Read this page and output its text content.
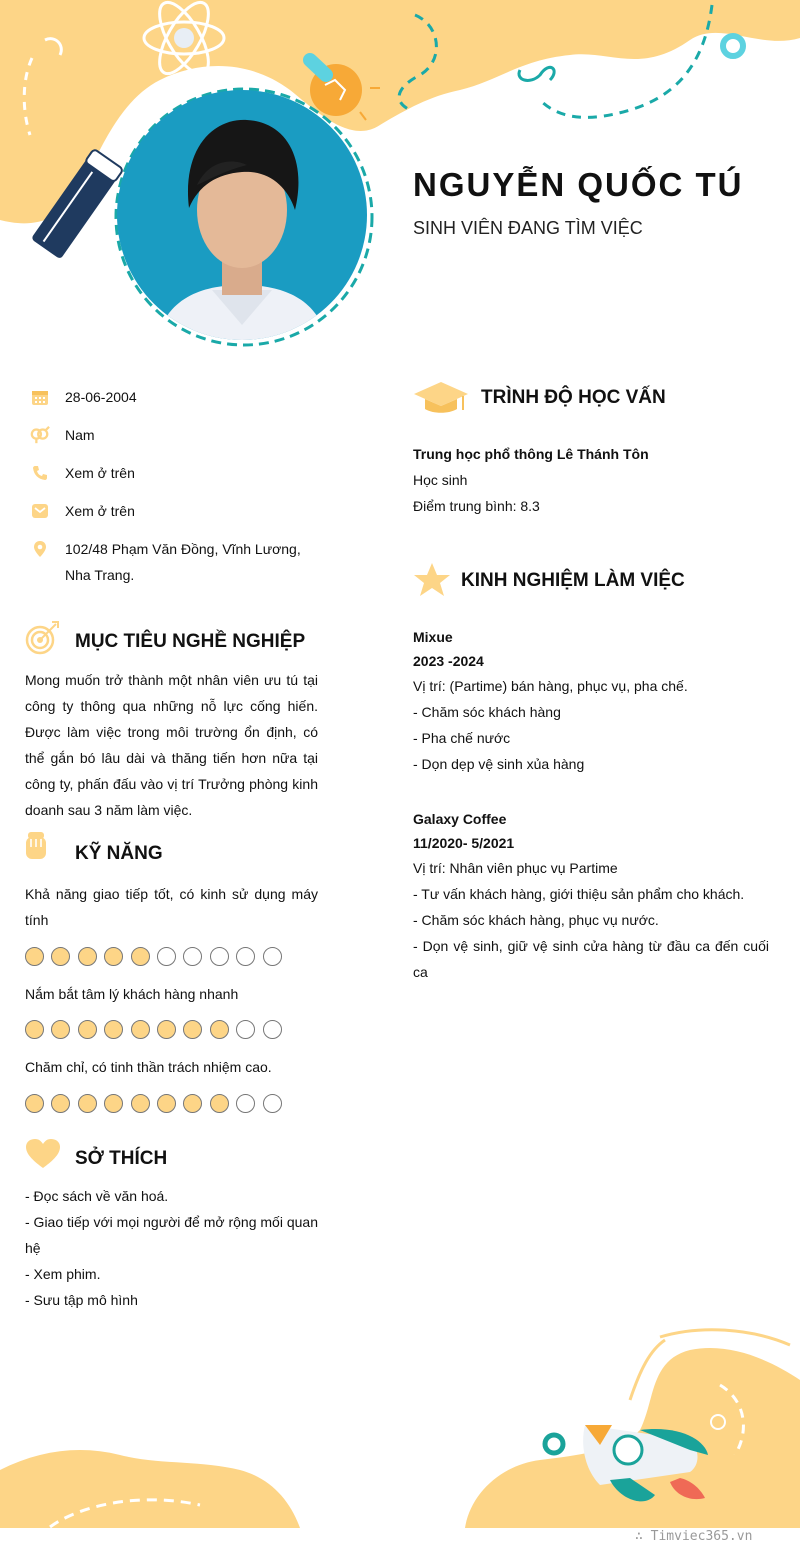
NGUYỄN QUỐC TÚ
SINH VIÊN ĐANG TÌM VIỆC
28-06-2004
Nam
Xem ở trên
Xem ở trên
102/48 Phạm Văn Đồng, Vĩnh Lương, Nha Trang.
MỤC TIÊU NGHỀ NGHIỆP
Mong muốn trở thành một nhân viên ưu tú tại công ty thông qua những nỗ lực cống hiến. Được làm việc trong môi trường ổn định, có thể gắn bó lâu dài và thăng tiến hơn nữa tại công ty, phấn đấu vào vị trí Trưởng phòng kinh doanh sau 3 năm làm việc.
KỸ NĂNG
Khả năng giao tiếp tốt, có kinh sử dụng máy tính
Nắm bắt tâm lý khách hàng nhanh
Chăm chỉ, có tinh thần trách nhiệm cao.
SỞ THÍCH
- Đọc sách về văn hoá.
- Giao tiếp với mọi người để mở rộng mối quan hệ
- Xem phim.
- Sưu tập mô hình
TRÌNH ĐỘ HỌC VẤN
Trung học phổ thông Lê Thánh Tôn
Học sinh
Điểm trung bình: 8.3
KINH NGHIỆM LÀM VIỆC
Mixue
2023 -2024
Vị trí: (Partime) bán hàng, phục vụ, pha chế.
- Chăm sóc khách hàng
- Pha chế nước
- Dọn dẹp vệ sinh xủa hàng
Galaxy Coffee
11/2020- 5/2021
Vị trí: Nhân viên phục vụ Partime
- Tư vấn khách hàng, giới thiệu sản phẩm cho khách.
- Chăm sóc khách hàng, phục vụ nước.
- Dọn vệ sinh, giữ vệ sinh cửa hàng từ đầu ca đến cuối ca
∴ Timviec365.vn
